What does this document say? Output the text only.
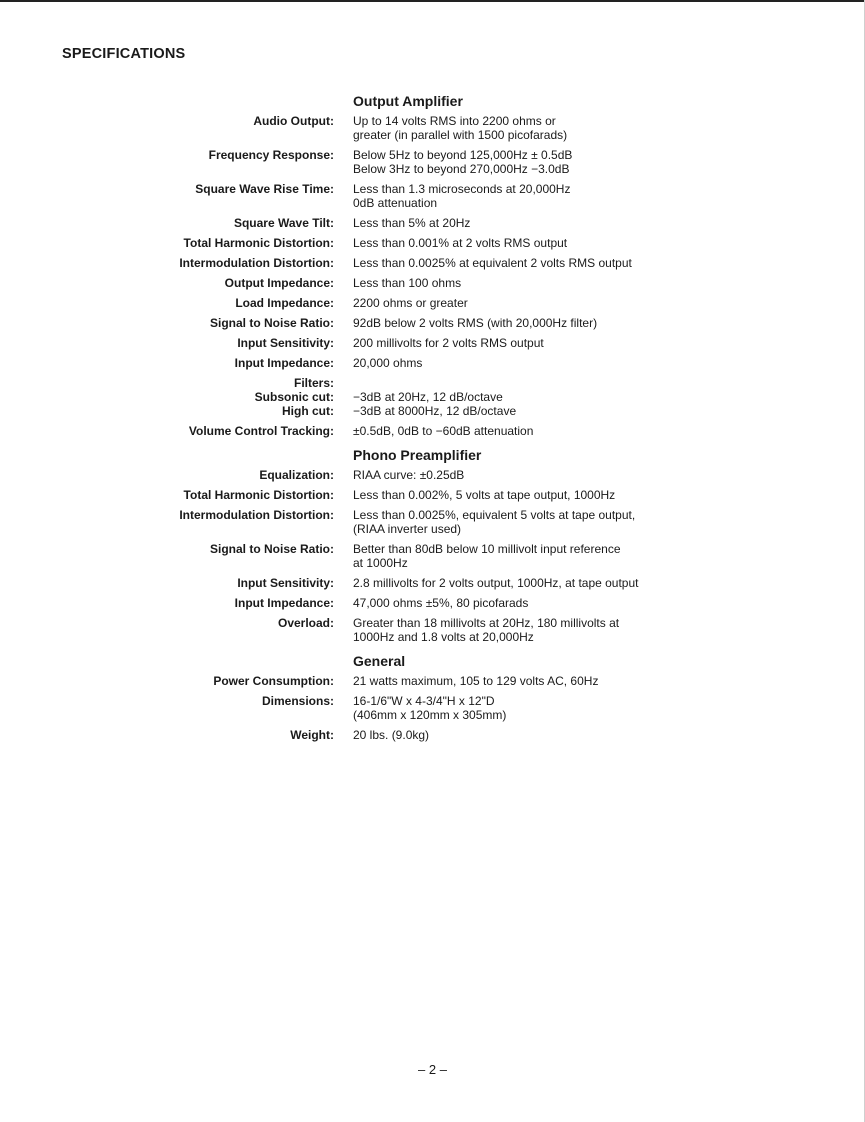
SPECIFICATIONS
Output Amplifier
Audio Output: Up to 14 volts RMS into 2200 ohms or
greater (in parallel with 1500 picofarads)
Frequency Response: Below 5Hz to beyond 125,000Hz ± 0.5dB
Below 3Hz to beyond 270,000Hz −3.0dB
Square Wave Rise Time: Less than 1.3 microseconds at 20,000Hz
0dB attenuation
Square Wave Tilt: Less than 5% at 20Hz
Total Harmonic Distortion: Less than 0.001% at 2 volts RMS output
Intermodulation Distortion: Less than 0.0025% at equivalent 2 volts RMS output
Output Impedance: Less than 100 ohms
Load Impedance: 2200 ohms or greater
Signal to Noise Ratio: 92dB below 2 volts RMS (with 20,000Hz filter)
Input Sensitivity: 200 millivolts for 2 volts RMS output
Input Impedance: 20,000 ohms
Filters:
Subsonic cut:
High cut:

−3dB at 20Hz, 12 dB/octave
−3dB at 8000Hz, 12 dB/octave
Volume Control Tracking: ±0.5dB, 0dB to −60dB attenuation
Phono Preamplifier
Equalization: RIAA curve: ±0.25dB
Total Harmonic Distortion: Less than 0.002%, 5 volts at tape output, 1000Hz
Intermodulation Distortion: Less than 0.0025%, equivalent 5 volts at tape output,
(RIAA inverter used)
Signal to Noise Ratio: Better than 80dB below 10 millivolt input reference
at 1000Hz
Input Sensitivity: 2.8 millivolts for 2 volts output, 1000Hz, at tape output
Input Impedance: 47,000 ohms ±5%, 80 picofarads
Overload: Greater than 18 millivolts at 20Hz, 180 millivolts at
1000Hz and 1.8 volts at 20,000Hz
General
Power Consumption: 21 watts maximum, 105 to 129 volts AC, 60Hz
Dimensions: 16-1/6"W x 4-3/4"H x 12"D
(406mm x 120mm x 305mm)
Weight: 20 lbs. (9.0kg)
– 2 –
